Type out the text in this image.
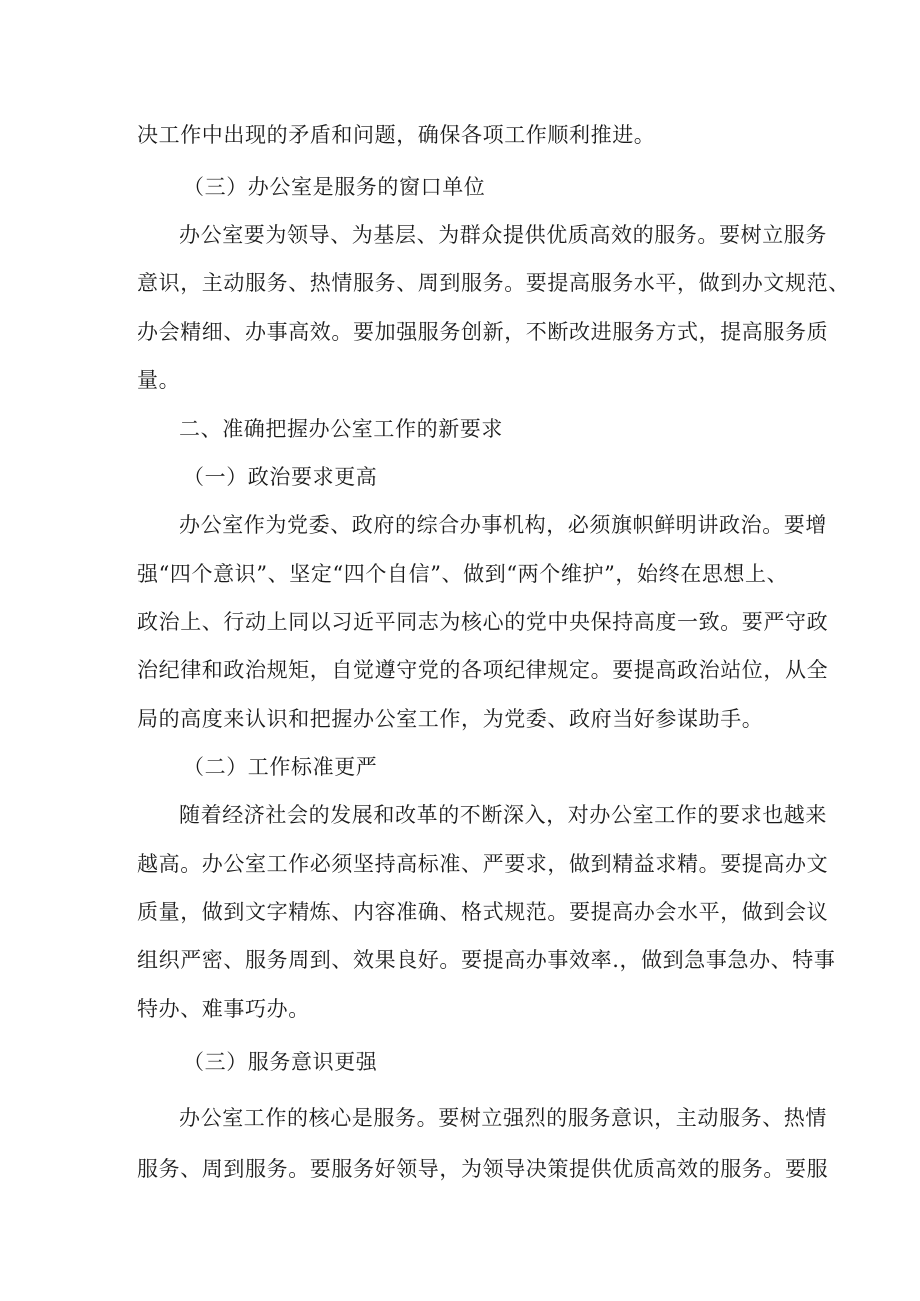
决工作中出现的矛盾和问题，确保各项工作顺利推进。
（三）办公室是服务的窗口单位
办公室要为领导、为基层、为群众提供优质高效的服务。要树立服务
意识，主动服务、热情服务、周到服务。要提高服务水平，做到办文规范、
办会精细、办事高效。要加强服务创新，不断改进服务方式，提高服务质
量。
二、准确把握办公室工作的新要求
（一）政治要求更高
办公室作为党委、政府的综合办事机构，必须旗帜鲜明讲政治。要增
强“四个意识”、坚定“四个自信”、做到“两个维护”，始终在思想上、
政治上、行动上同以习近平同志为核心的党中央保持高度一致。要严守政
治纪律和政治规矩，自觉遵守党的各项纪律规定。要提高政治站位，从全
局的高度来认识和把握办公室工作，为党委、政府当好参谋助手。
（二）工作标准更严
随着经济社会的发展和改革的不断深入，对办公室工作的要求也越来
越高。办公室工作必须坚持高标准、严要求，做到精益求精。要提高办文
质量，做到文字精炼、内容准确、格式规范。要提高办会水平，做到会议
组织严密、服务周到、效果良好。要提高办事效率.，做到急事急办、特事
特办、难事巧办。
（三）服务意识更强
办公室工作的核心是服务。要树立强烈的服务意识，主动服务、热情
服务、周到服务。要服务好领导，为领导决策提供优质高效的服务。要服
